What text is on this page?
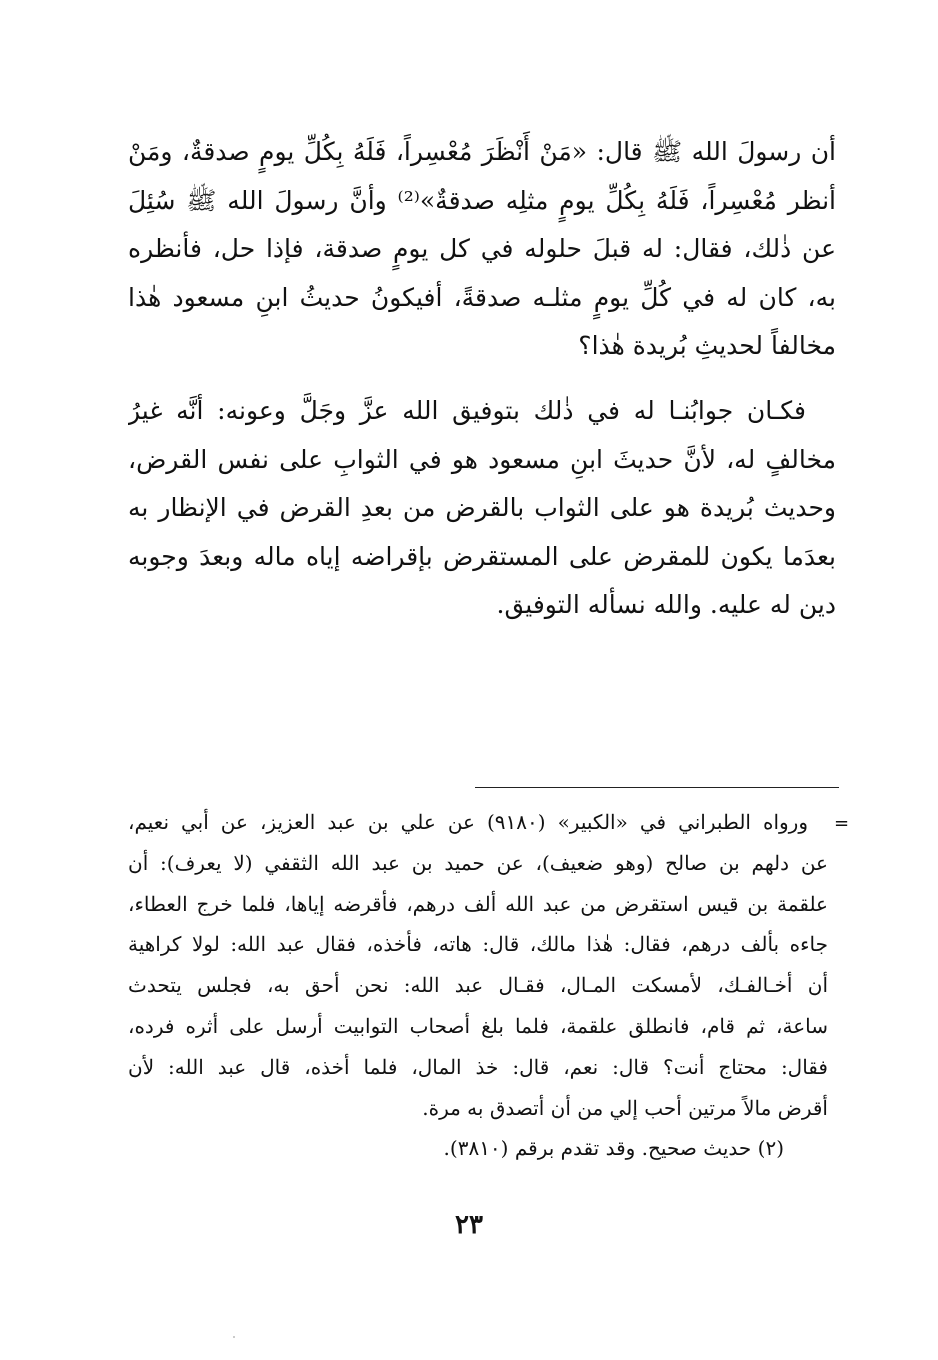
أن رسولَ الله ﷺ قال: «مَنْ أَنْظَرَ مُعْسِراً، فَلَهُ بِكُلِّ يومٍ صدقةٌ، ومَنْ
أنظر مُعْسِراً، فَلَهُ بِكُلِّ يومٍ مثلِه صدقةٌ»⁽²⁾ وأنَّ رسولَ الله ﷺ سُئِلَ
عن ذٰلك، فقال: له قبلَ حلوله في كل يومٍ صدقة، فإذا حل، فأنظره
به، كان له في كُلِّ يومٍ مثلـه صدقةً، أفيكونُ حديثُ ابنِ مسعود هٰذا
مخالفاً لحديثِ بُريدة هٰذا؟
فكـان جوابُنـا له في ذٰلك بتوفيق الله عزَّ وجَلَّ وعونه: أنَّه غيرُ
مخالفٍ له، لأنَّ حديثَ ابنِ مسعود هو في الثوابِ على نفس القرض،
وحديث بُريدة هو على الثواب بالقرض من بعدِ القرض في الإنظار به
بعدَما يكون للمقرض على المستقرض بإقراضه إياه ماله وبعدَ وجوبه
دين له عليه. والله نسأله التوفيق.
=
ورواه الطبراني في «الكبير» (٩١٨٠) عن علي بن عبد العزيز، عن أبي نعيم،
عن دلهم بن صالح (وهو ضعيف)، عن حميد بن عبد الله الثقفي (لا يعرف): أن
علقمة بن قيس استقرض من عبد الله ألف درهم، فأقرضه إياها، فلما خرج العطاء،
جاءه بألف درهم، فقال: هٰذا مالك، قال: هاته، فأخذه، فقال عبد الله: لولا كراهية
أن أخـالفـك، لأمسكت المـال، فقـال عبد الله: نحن أحق به، فجلس يتحدث
ساعة، ثم قام، فانطلق علقمة، فلما بلغ أصحاب التوابيت أرسل على أثره فرده،
فقال: محتاج أنت؟ قال: نعم، قال: خذ المال، فلما أخذه، قال عبد الله: لأن
أقرض مالاً مرتين أحب إلي من أن أتصدق به مرة.
(٢) حديث صحيح. وقد تقدم برقم (٣٨١٠).
٢٣
